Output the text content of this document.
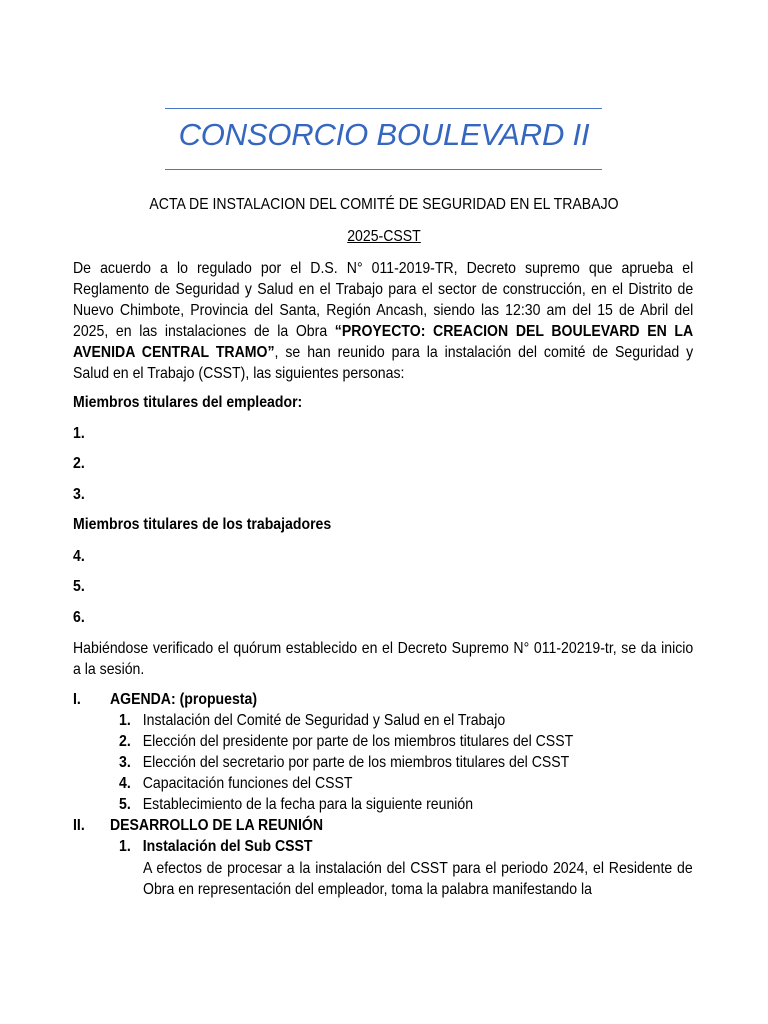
CONSORCIO BOULEVARD II
ACTA DE INSTALACION DEL COMITÉ DE SEGURIDAD EN EL TRABAJO
2025-CSST
De acuerdo a lo regulado por el D.S. N° 011-2019-TR, Decreto supremo que aprueba el Reglamento de Seguridad y Salud en el Trabajo para el sector de construcción, en el Distrito de Nuevo Chimbote, Provincia del Santa, Región Ancash, siendo las 12:30 am del 15 de Abril del 2025, en las instalaciones de la Obra “PROYECTO: CREACION DEL BOULEVARD EN LA AVENIDA CENTRAL TRAMO”, se han reunido para la instalación del comité de Seguridad y Salud en el Trabajo (CSST), las siguientes personas:
Miembros titulares del empleador:
1.
2.
3.
Miembros titulares de los trabajadores
4.
5.
6.
Habiéndose verificado el quórum establecido en el Decreto Supremo N° 011-20219-tr, se da inicio a la sesión.
I. AGENDA: (propuesta)
1. Instalación del Comité de Seguridad y Salud en el Trabajo
2. Elección del presidente por parte de los miembros titulares del CSST
3. Elección del secretario por parte de los miembros titulares del CSST
4. Capacitación funciones del CSST
5. Establecimiento de la fecha para la siguiente reunión
II. DESARROLLO DE LA REUNIÓN
1. Instalación del Sub CSST
A efectos de procesar a la instalación del CSST para el periodo 2024, el Residente de Obra en representación del empleador, toma la palabra manifestando la
